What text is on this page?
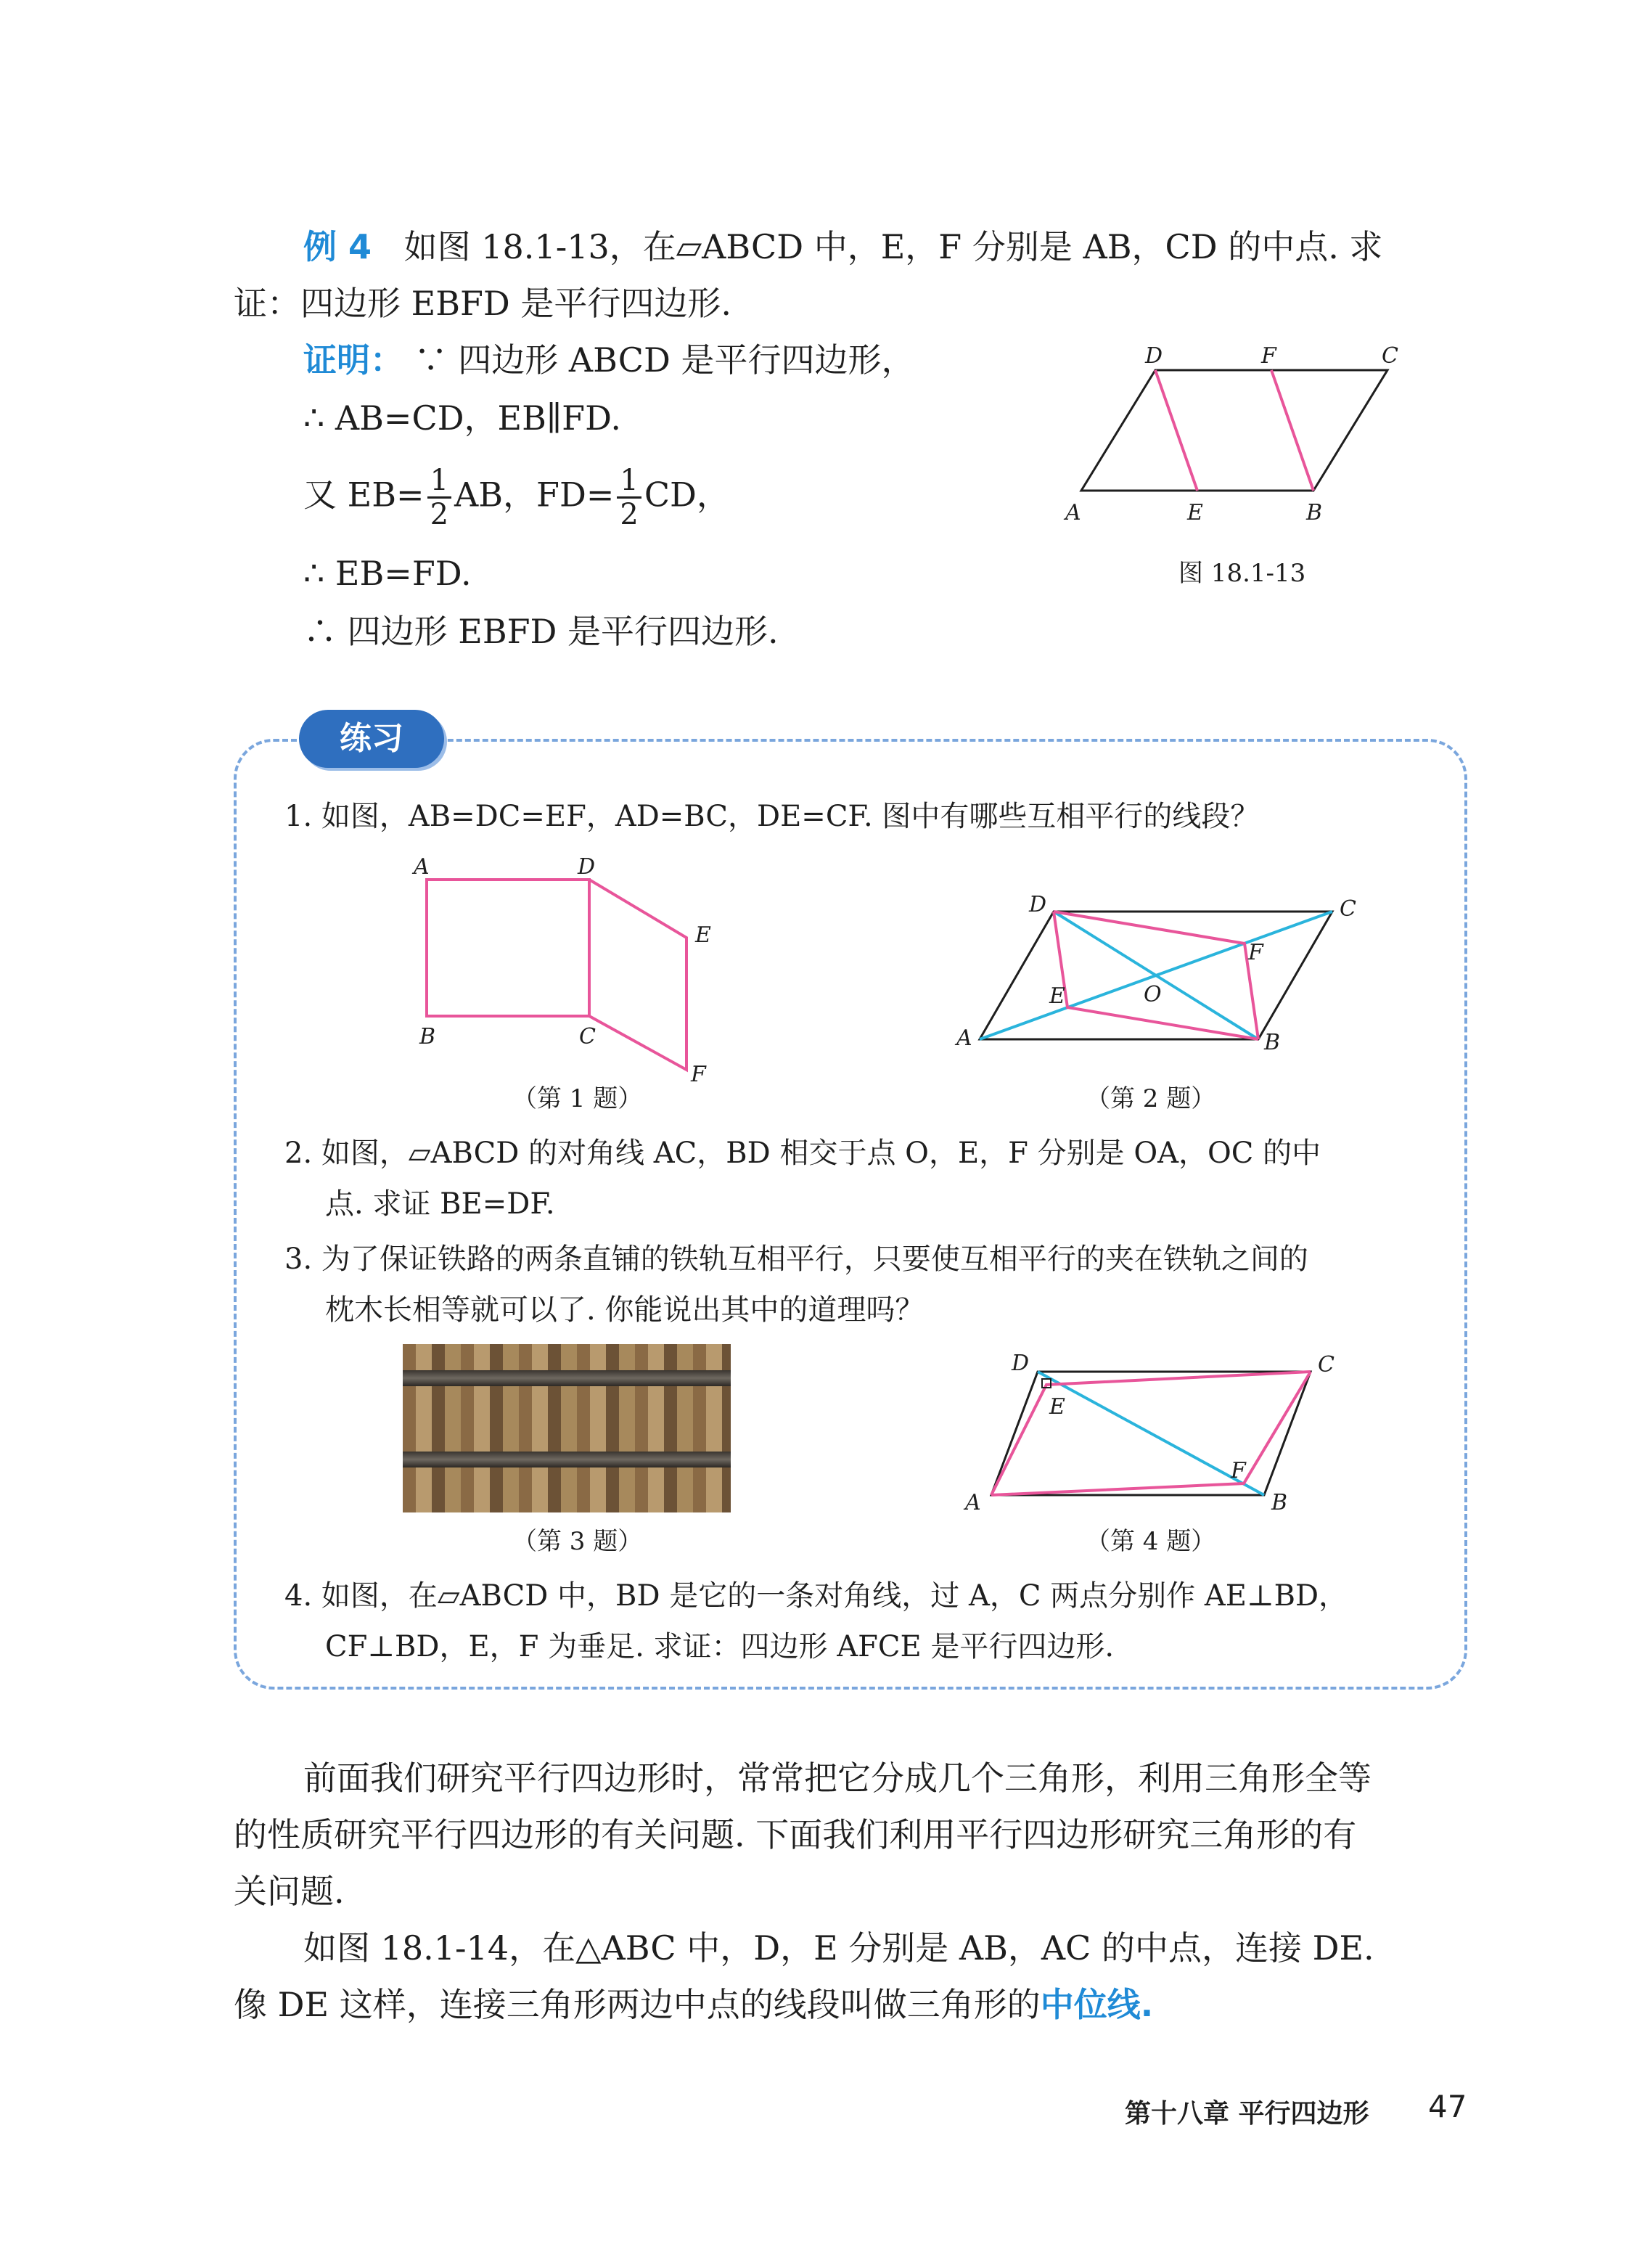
例 4 如图 18.1-13，在▱ABCD 中，E，F 分别是 AB，CD 的中点. 求
证：四边形 EBFD 是平行四边形.
证明： ∵ 四边形 ABCD 是平行四边形，
∴ AB=CD，EB∥FD.
又 $EB= \frac{1}{2}$ AB，$FD= \frac{1}{2}$ CD，
∴ EB=FD.
∴ 四边形 EBFD 是平行四边形.
D	F	C
A	E	B
图 18.1-13
练习
1. 如图，AB=DC=EF，AD=BC，DE=CF. 图中有哪些互相平行的线段？
A	D
E
B	C
F
（第 1 题）
D	C
F
E	O
A	B
（第 2 题）
2. 如图，▱ABCD 的对角线 AC，BD 相交于点 O，E，F 分别是 OA，OC 的中
点. 求证 BE=DF.
3. 为了保证铁路的两条直铺的铁轨互相平行，只要使互相平行的夹在铁轨之间的
枕木长相等就可以了. 你能说出其中的道理吗？
（第 3 题）
D	C
E
F
A	B
（第 4 题）
4. 如图，在▱ABCD 中，BD 是它的一条对角线，过 A，C 两点分别作 AE⊥BD，
CF⊥BD，E，F 为垂足. 求证：四边形 AFCE 是平行四边形.
前面我们研究平行四边形时，常常把它分成几个三角形，利用三角形全等
的性质研究平行四边形的有关问题. 下面我们利用平行四边形研究三角形的有
关问题.
如图 18.1-14，在△ABC 中，D，E 分别是 AB，AC 的中点，连接 DE.
像 DE 这样，连接三角形两边中点的线段叫做三角形的中位线.
第十八章 平行四边形 47
